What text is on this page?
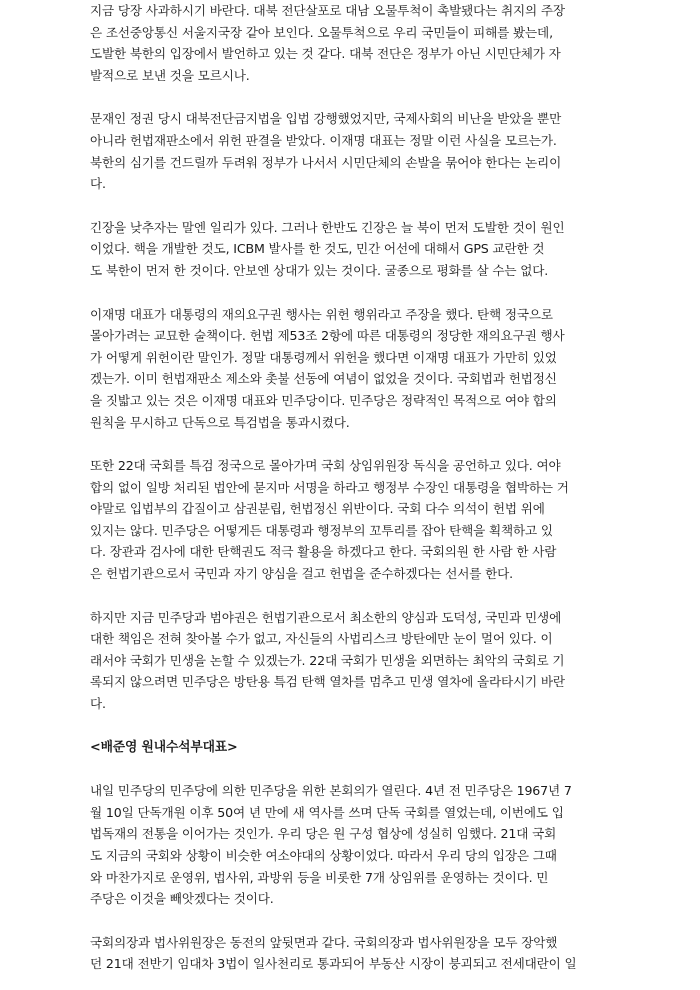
지금 당장 사과하시기 바란다. 대북 전단살포로 대남 오물투척이 촉발됐다는 취지의 주장
은 조선중앙통신 서울지국장 같아 보인다. 오물투척으로 우리 국민들이 피해를 봤는데,
도발한 북한의 입장에서 발언하고 있는 것 같다. 대북 전단은 정부가 아닌 시민단체가 자
발적으로 보낸 것을 모르시나.

문재인 정권 당시 대북전단금지법을 입법 강행했었지만, 국제사회의 비난을 받았을 뿐만
아니라 헌법재판소에서 위헌 판결을 받았다. 이재명 대표는 정말 이런 사실을 모르는가.
북한의 심기를 건드릴까 두려워 정부가 나서서 시민단체의 손발을 묶어야 한다는 논리이
다.

긴장을 낮추자는 말엔 일리가 있다. 그러나 한반도 긴장은 늘 북이 먼저 도발한 것이 원인
이었다. 핵을 개발한 것도, ICBM 발사를 한 것도, 민간 어선에 대해서 GPS 교란한 것
도 북한이 먼저 한 것이다. 안보엔 상대가 있는 것이다. 굴종으로 평화를 살 수는 없다.

이재명 대표가 대통령의 재의요구권 행사는 위헌 행위라고 주장을 했다. 탄핵 정국으로
몰아가려는 교묘한 술책이다. 헌법 제53조 2항에 따른 대통령의 정당한 재의요구권 행사
가 어떻게 위헌이란 말인가. 정말 대통령께서 위헌을 했다면 이재명 대표가 가만히 있었
겠는가. 이미 헌법재판소 제소와 촛불 선동에 여념이 없었을 것이다. 국회법과 헌법정신
을 짓밟고 있는 것은 이재명 대표와 민주당이다. 민주당은 정략적인 목적으로 여야 합의
원칙을 무시하고 단독으로 특검법을 통과시켰다.

또한 22대 국회를 특검 정국으로 몰아가며 국회 상임위원장 독식을 공언하고 있다. 여야
합의 없이 일방 처리된 법안에 묻지마 서명을 하라고 행정부 수장인 대통령을 협박하는 거
야말로 입법부의 갑질이고 삼권분립, 헌법정신 위반이다. 국회 다수 의석이 헌법 위에
있지는 않다. 민주당은 어떻게든 대통령과 행정부의 꼬투리를 잡아 탄핵을 획책하고 있
다. 장관과 검사에 대한 탄핵권도 적극 활용을 하겠다고 한다. 국회의원 한 사람 한 사람
은 헌법기관으로서 국민과 자기 양심을 걸고 헌법을 준수하겠다는 선서를 한다.

하지만 지금 민주당과 범야권은 헌법기관으로서 최소한의 양심과 도덕성, 국민과 민생에
대한 책임은 전혀 찾아볼 수가 없고, 자신들의 사법리스크 방탄에만 눈이 멀어 있다. 이
래서야 국회가 민생을 논할 수 있겠는가. 22대 국회가 민생을 외면하는 최악의 국회로 기
록되지 않으려면 민주당은 방탄용 특검 탄핵 열차를 멈추고 민생 열차에 올라타시기 바란
다.

<배준영 원내수석부대표>

내일 민주당의 민주당에 의한 민주당을 위한 본회의가 열린다. 4년 전 민주당은 1967년 7
월 10일 단독개원 이후 50여 년 만에 새 역사를 쓰며 단독 국회를 열었는데, 이번에도 입
법독재의 전통을 이어가는 것인가. 우리 당은 원 구성 협상에 성실히 임했다. 21대 국회
도 지금의 국회와 상황이 비슷한 여소야대의 상황이었다. 따라서 우리 당의 입장은 그때
와 마찬가지로 운영위, 법사위, 과방위 등을 비롯한 7개 상임위를 운영하는 것이다. 민
주당은 이것을 빼앗겠다는 것이다.

국회의장과 법사위원장은 동전의 앞뒷면과 같다. 국회의장과 법사위원장을 모두 장악했
던 21대 전반기 임대차 3법이 일사천리로 통과되어 부동산 시장이 붕괴되고 전세대란이 일
